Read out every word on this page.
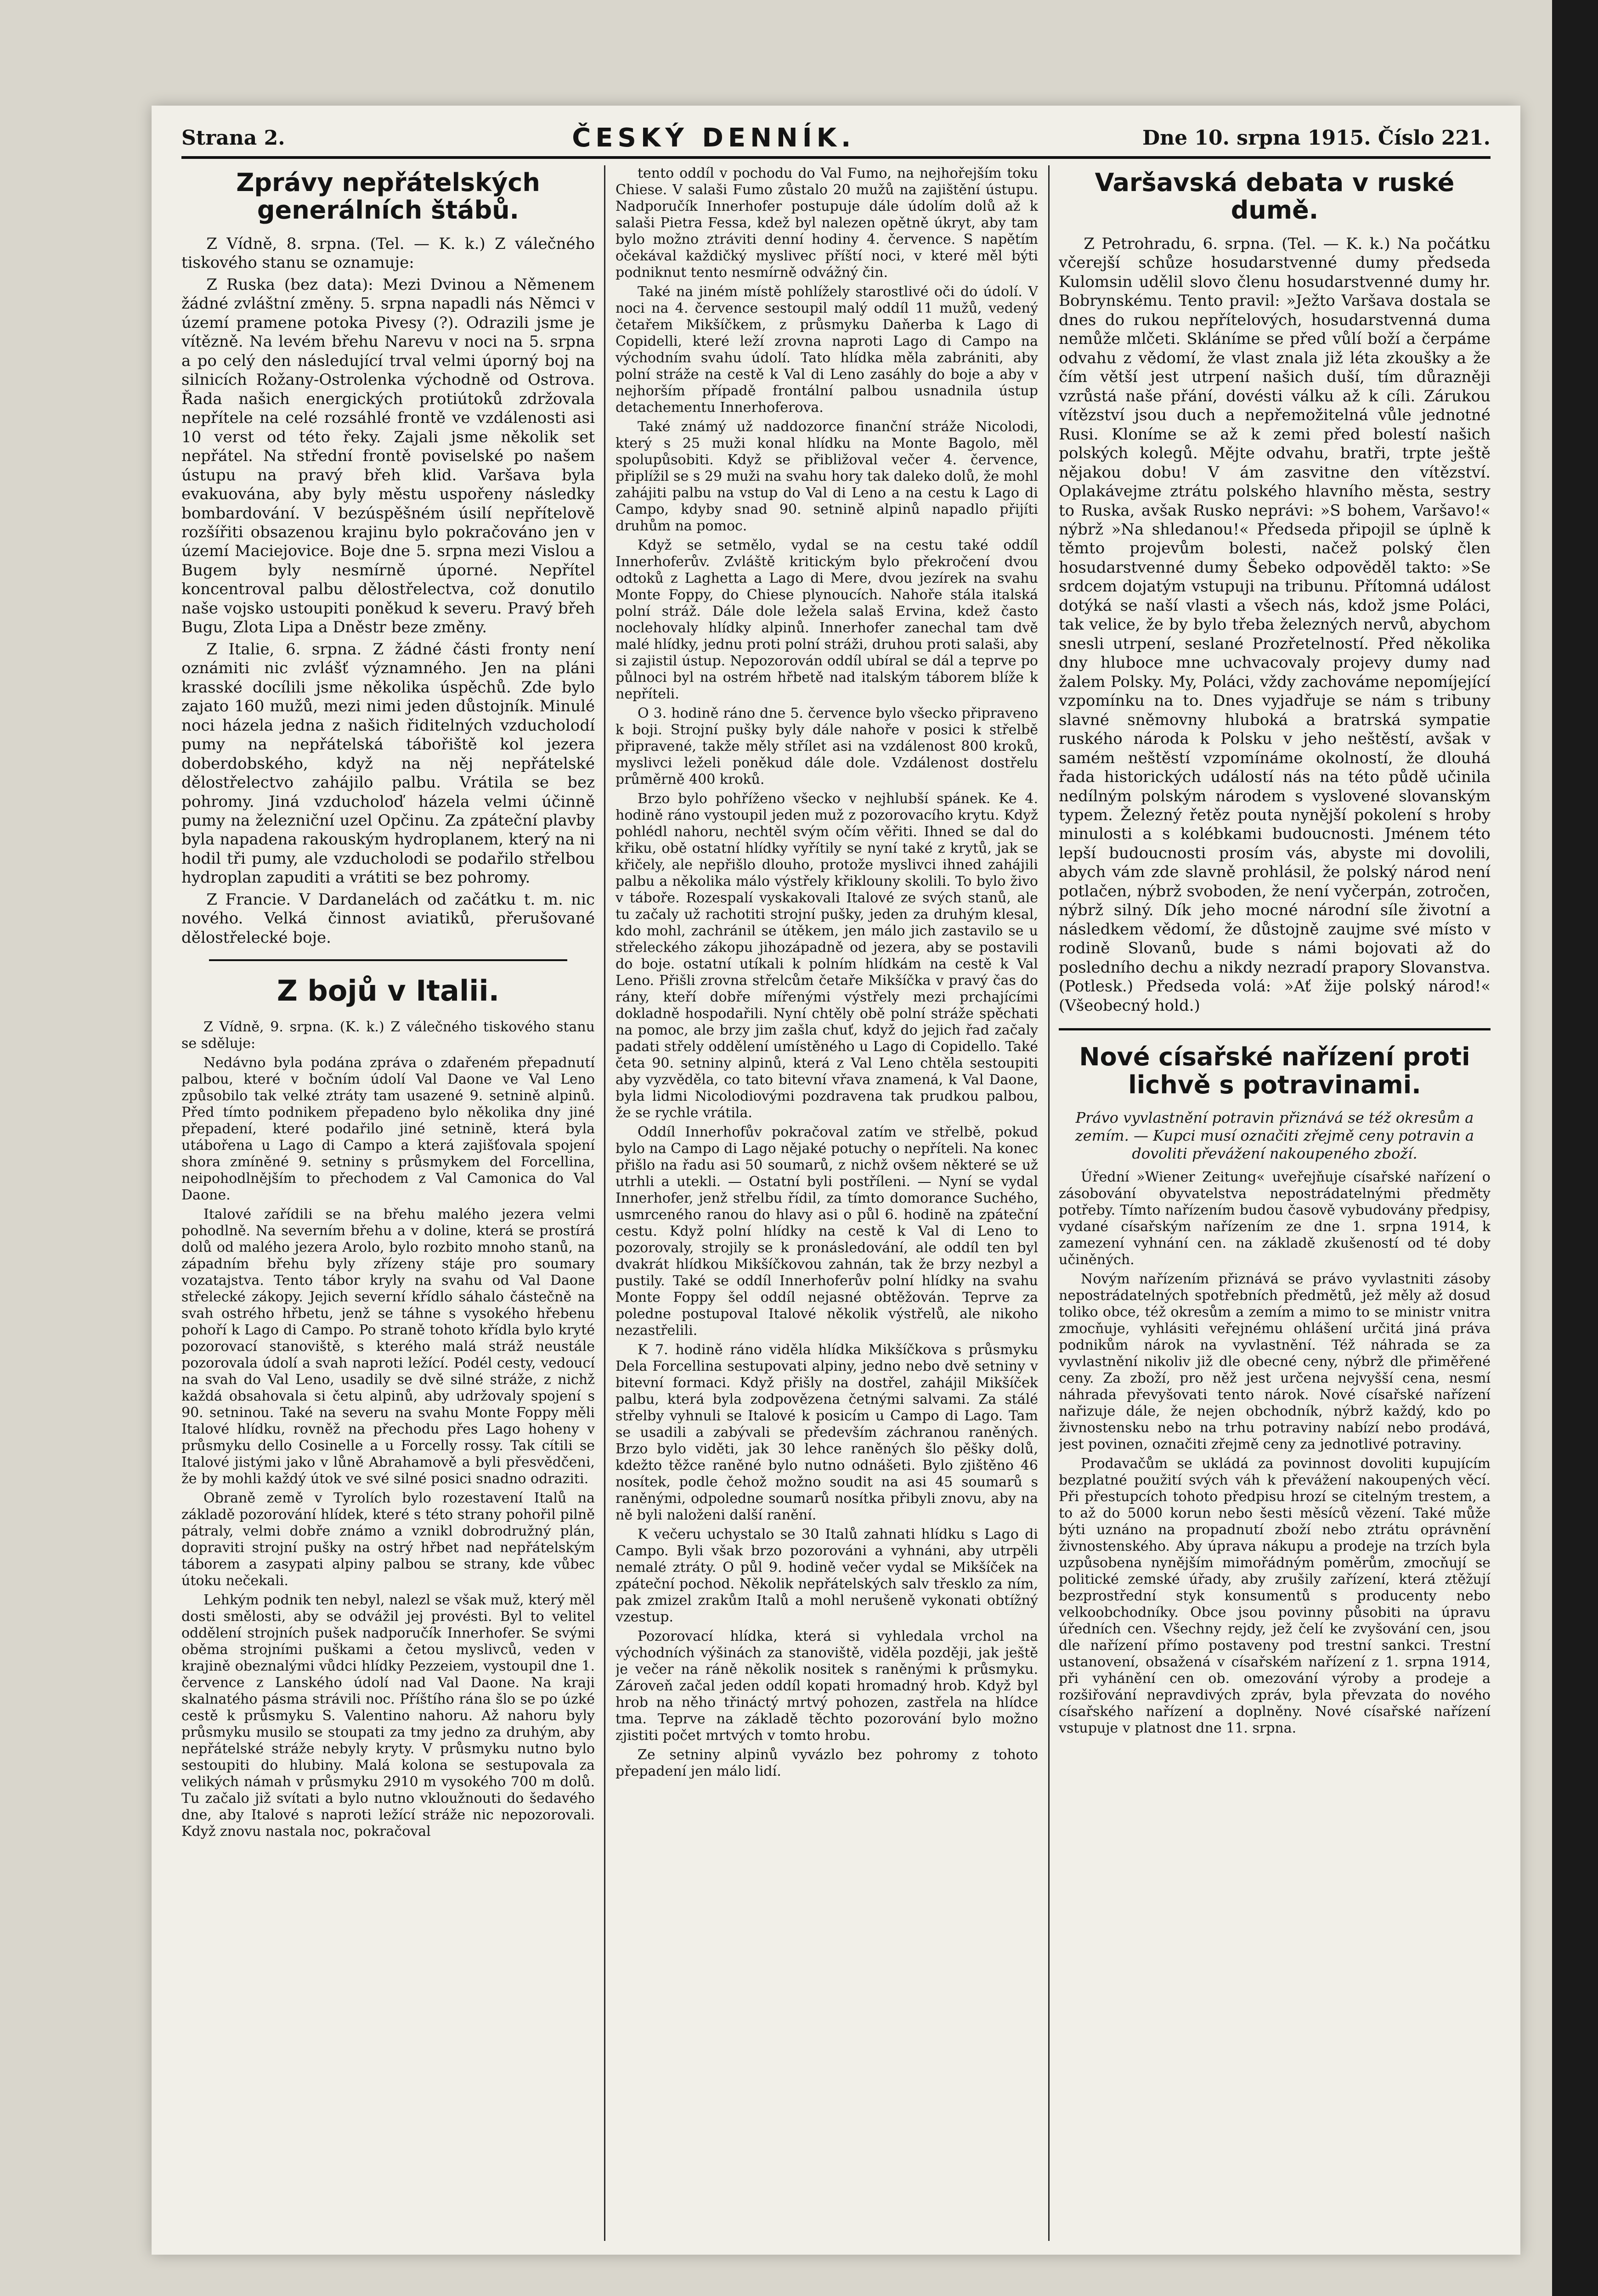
Strana 2.	ČESKÝ DENNÍK.	Dne 10. srpna 1915. Číslo 221.
Zprávy nepřátelských generálních štábů.

Z Vídně, 8. srpna. (Tel. — K. k.) Z válečného tiskového stanu se oznamuje:

Z Ruska (bez data): Mezi Dvinou a Němenem žádné zvláštní změny. 5. srpna napadli nás Němci v území pramene potoka Pivesy (?). Odrazili jsme je vítězně. Na levém břehu Narevu v noci na 5. srpna a po celý den následující trval velmi úporný boj na silnicích Rožany-Ostrolenka východně od Ostrova. Řada našich energických protiútoků zdržovala nepřítele na celé rozsáhlé frontě ve vzdálenosti asi 10 verst od této řeky. Zajali jsme několik set nepřátel. Na střední frontě poviselské po našem ústupu na pravý břeh klid. Varšava byla evakuována, aby byly městu uspořeny následky bombardování. V bezúspěšném úsilí nepřítelově rozšířiti obsazenou krajinu bylo pokračováno jen v území Maciejovice. Boje dne 5. srpna mezi Vislou a Bugem byly nesmírně úporné. Nepřítel koncentroval palbu dělostřelectva, což donutilo naše vojsko ustoupiti poněkud k severu. Pravý břeh Bugu, Zlota Lipa a Dněstr beze změny.

Z Italie, 6. srpna. Z žádné části fronty není oznámiti nic zvlášť významného. Jen na pláni krasské docílili jsme několika úspěchů. Zde bylo zajato 160 mužů, mezi nimi jeden důstojník. Minulé noci házela jedna z našich řiditelných vzducholodí pumy na nepřátelská tábořiště kol jezera doberdobského, když na něj nepřátelské dělostřelectvo zahájilo palbu. Vrátila se bez pohromy. Jiná vzducholoď házela velmi účinně pumy na železniční uzel Opčinu. Za zpáteční plavby byla napadena rakouským hydroplanem, který na ni hodil tři pumy, ale vzducholodi se podařilo střelbou hydroplan zapuditi a vrátiti se bez pohromy.

Z Francie. V Dardanelách od začátku t. m. nic nového. Velká činnost aviatiků, přerušované dělostřelecké boje.

Z bojů v Italii.

Z Vídně, 9. srpna. (K. k.) Z válečného tiskového stanu se sděluje:

Nedávno byla podána zpráva o zdařeném přepadnutí palbou, které v bočním údolí Val Daone ve Val Leno způsobilo tak velké ztráty tam usazené 9. setnině alpinů. Před tímto podnikem přepadeno bylo několika dny jiné přepadení, které podařilo jiné setnině, která byla utábořena u Lago di Campo a která zajišťovala spojení shora zmíněné 9. setniny s průsmykem del Forcellina, neipohodlnějším to přechodem z Val Camonica do Val Daone.

Italové zařídili se na břehu malého jezera velmi pohodlně. Na severním břehu a v doline, která se prostírá dolů od malého jezera Arolo, bylo rozbito mnoho stanů, na západním břehu byly zřízeny stáje pro soumary vozatajstva. Tento tábor kryly na svahu od Val Daone střelecké zákopy. Jejich severní křídlo sáhalo částečně na svah ostrého hřbetu, jenž se táhne s vysokého hřebenu pohoří k Lago di Campo. Po straně tohoto křídla bylo kryté pozorovací stanoviště, s kterého malá stráž neustále pozorovala údolí a svah naproti ležící. Podél cesty, vedoucí na svah do Val Leno, usadily se dvě silné stráže, z nichž každá obsahovala si četu alpinů, aby udržovaly spojení s 90. setninou. Také na severu na svahu Monte Foppy měli Italové hlídku, rovněž na přechodu přes Lago hoheny v průsmyku dello Cosinelle a u Forcelly rossy. Tak cítili se Italové jistými jako v lůně Abrahamově a byli přesvědčeni, že by mohli každý útok ve své silné posici snadno odraziti.

Obraně země v Tyrolích bylo rozestavení Italů na základě pozorování hlídek, které s této strany pohořil pilně pátraly, velmi dobře známo a vznikl dobrodružný plán, dopraviti strojní pušky na ostrý hřbet nad nepřátelským táborem a zasypati alpiny palbou se strany, kde vůbec útoku nečekali.

Lehkým podnik ten nebyl, nalezl se však muž, který měl dosti smělosti, aby se odvážil jej provésti. Byl to velitel oddělení strojních pušek nadporučík Innerhofer. Se svými oběma strojními puškami a četou myslivců, veden v krajině obeznalými vůdci hlídky Pezzeiem, vystoupil dne 1. července z Lanského údolí nad Val Daone. Na kraji skalnatého pásma strávili noc. Příštího rána šlo se po úzké cestě k průsmyku S. Valentino nahoru. Až nahoru byly průsmyku musilo se stoupati za tmy jedno za druhým, aby nepřátelské stráže nebyly kryty. V průsmyku nutno bylo sestoupiti do hlubiny. Malá kolona se sestupovala za velikých námah v průsmyku 2910 m vysokého 700 m dolů. Tu začalo již svítati a bylo nutno vkloužnouti do šedavého dne, aby Italové s naproti ležící stráže nic nepozorovali. Když znovu nastala noc, pokračoval

tento oddíl v pochodu do Val Fumo, na nejhořejším toku Chiese. V salaši Fumo zůstalo 20 mužů na zajištění ústupu. Nadporučík Innerhofer postupuje dále údolím dolů až k salaši Pietra Fessa, kdež byl nalezen opětně úkryt, aby tam bylo možno ztráviti denní hodiny 4. července. S napětím očekával každičký myslivec příští noci, v které měl býti podniknut tento nesmírně odvážný čin.

Také na jiném místě pohlížely starostlivé oči do údolí. V noci na 4. července sestoupil malý oddíl 11 mužů, vedený četařem Mikšíčkem, z průsmyku Daňerba k Lago di Copidelli, které leží zrovna naproti Lago di Campo na východním svahu údolí. Tato hlídka měla zabrániti, aby polní stráže na cestě k Val di Leno zasáhly do boje a aby v nejhorším případě frontální palbou usnadnila ústup detachementu Innerhoferova.

Také známý už naddozorce finanční stráže Nicolodi, který s 25 muži konal hlídku na Monte Bagolo, měl spolupůsobiti. Když se přibližoval večer 4. července, připlížil se s 29 muži na svahu hory tak daleko dolů, že mohl zahájiti palbu na vstup do Val di Leno a na cestu k Lago di Campo, kdyby snad 90. setnině alpinů napadlo přijíti druhům na pomoc.

Když se setmělo, vydal se na cestu také oddíl Innerhoferův. Zvláště kritickým bylo překročení dvou odtoků z Laghetta a Lago di Mere, dvou jezírek na svahu Monte Foppy, do Chiese plynoucích. Nahoře stála italská polní stráž. Dále dole ležela salaš Ervina, kdež často noclehovaly hlídky alpinů. Innerhofer zanechal tam dvě malé hlídky, jednu proti polní stráži, druhou proti salaši, aby si zajistil ústup. Nepozorován oddíl ubíral se dál a teprve po půlnoci byl na ostrém hřbetě nad italským táborem blíže k nepříteli.

O 3. hodině ráno dne 5. července bylo všecko připraveno k boji. Strojní pušky byly dále nahoře v posici k střelbě připravené, takže měly střílet asi na vzdálenost 800 kroků, myslivci leželi poněkud dále dole. Vzdálenost dostřelu průměrně 400 kroků.

Brzo bylo pohříženo všecko v nejhlubší spánek. Ke 4. hodině ráno vystoupil jeden muž z pozorovacího krytu. Když pohlédl nahoru, nechtěl svým očím věřiti. Ihned se dal do křiku, obě ostatní hlídky vyřítily se nyní také z krytů, jak se křičely, ale nepřišlo dlouho, protože myslivci ihned zahájili palbu a několika málo výstřely křiklouny skolili. To bylo živo v táboře. Rozespalí vyskakovali Italové ze svých stanů, ale tu začaly už rachotiti strojní pušky, jeden za druhým klesal, kdo mohl, zachránil se útěkem, jen málo jich zastavilo se u střeleckého zákopu jihozápadně od jezera, aby se postavili do boje. ostatní utíkali k polním hlídkám na cestě k Val Leno. Přišli zrovna střelcům četaře Mikšíčka v pravý čas do rány, kteří dobře mířenými výstřely mezi prchajícími dokladně hospodařili. Nyní chtěly obě polní stráže spěchati na pomoc, ale brzy jim zašla chuť, když do jejich řad začaly padati střely oddělení umístěného u Lago di Copidello. Také četa 90. setniny alpinů, která z Val Leno chtěla sestoupiti aby vyzvěděla, co tato bitevní vřava znamená, k Val Daone, byla lidmi Nicolodiovými pozdravena tak prudkou palbou, že se rychle vrátila.

Oddíl Innerhofův pokračoval zatím ve střelbě, pokud bylo na Campo di Lago nějaké potuchy o nepříteli. Na konec přišlo na řadu asi 50 soumarů, z nichž ovšem některé se už utrhli a utekli. — Ostatní byli postříleni. — Nyní se vydal Innerhofer, jenž střelbu řídil, za tímto domorance Suchého, usmrceného ranou do hlavy asi o půl 6. hodině na zpáteční cestu. Když polní hlídky na cestě k Val di Leno to pozorovaly, strojily se k pronásledování, ale oddíl ten byl dvakrát hlídkou Mikšíčkovou zahnán, tak že brzy nezbyl a pustily. Také se oddíl Innerhoferův polní hlídky na svahu Monte Foppy šel oddíl nejasné obtěžován. Teprve za poledne postupoval Italové několik výstřelů, ale nikoho nezastřelili.

K 7. hodině ráno viděla hlídka Mikšíčkova s průsmyku Dela Forcellina sestupovati alpiny, jedno nebo dvě setniny v bitevní formaci. Když přišly na dostřel, zahájil Mikšíček palbu, která byla zodpovězena četnými salvami. Za stálé střelby vyhnuli se Italové k posicím u Campo di Lago. Tam se usadili a zabývali se především záchranou raněných. Brzo bylo viděti, jak 30 lehce raněných šlo pěšky dolů, kdežto těžce raněné bylo nutno odnášeti. Bylo zjištěno 46 nosítek, podle čehož možno soudit na asi 45 soumarů s raněnými, odpoledne soumarů nosítka přibyli znovu, aby na ně byli naloženi další ranění.

K večeru uchystalo se 30 Italů zahnati hlídku s Lago di Campo. Byli však brzo pozorováni a vyhnáni, aby utrpěli nemalé ztráty. O půl 9. hodině večer vydal se Mikšíček na zpáteční pochod. Několik nepřátelských salv třesklo za ním, pak zmizel zrakům Italů a mohl nerušeně vykonati obtížný vzestup.

Pozorovací hlídka, která si vyhledala vrchol na východních výšinách za stanoviště, viděla později, jak ještě je večer na ráně několik nositek s raněnými k průsmyku. Zároveň začal jeden oddíl kopati hromadný hrob. Když byl hrob na něho třináctý mrtvý pohozen, zastřela na hlídce tma. Teprve na základě těchto pozorování bylo možno zjistiti počet mrtvých v tomto hrobu.

Ze setniny alpinů vyvázlo bez pohromy z tohoto přepadení jen málo lidí.

Varšavská debata v ruské dumě.

Z Petrohradu, 6. srpna. (Tel. — K. k.) Na počátku včerejší schůze hosudarstvenné dumy předseda Kulomsin udělil slovo členu hosudarstvenné dumy hr. Bobrynskému. Tento pravil: »Ježto Varšava dostala se dnes do rukou nepřítelových, hosudarstvenná duma nemůže mlčeti. Skláníme se před vůlí boží a čerpáme odvahu z vědomí, že vlast znala již léta zkoušky a že čím větší jest utrpení našich duší, tím důrazněji vzrůstá naše přání, dovésti válku až k cíli. Zárukou vítězství jsou duch a nepřemožitelná vůle jednotné Rusi. Kloníme se až k zemi před bolestí našich polských kolegů. Mějte odvahu, bratři, trpte ještě nějakou dobu! V ám zasvitne den vítězství. Oplakávejme ztrátu polského hlavního města, sestry to Ruska, avšak Rusko neprávi: »S bohem, Varšavo!« nýbrž »Na shledanou!« Předseda připojil se úplně k těmto projevům bolesti, načež polský člen hosudarstvenné dumy Šebeko odpověděl takto: »Se srdcem dojatým vstupuji na tribunu. Přítomná událost dotýká se naší vlasti a všech nás, kdož jsme Poláci, tak velice, že by bylo třeba železných nervů, abychom snesli utrpení, seslané Prozřetelností. Před několika dny hluboce mne uchvacovaly projevy dumy nad žalem Polsky. My, Poláci, vždy zachováme nepomíjející vzpomínku na to. Dnes vyjadřuje se nám s tribuny slavné sněmovny hluboká a bratrská sympatie ruského národa k Polsku v jeho neštěstí, avšak v samém neštěstí vzpomínáme okolností, že dlouhá řada historických událostí nás na této půdě učinila nedílným polským národem s vyslovené slovanským typem. Železný řetěz pouta nynější pokolení s hroby minulosti a s kolébkami budoucnosti. Jménem této lepší budoucnosti prosím vás, abyste mi dovolili, abych vám zde slavně prohlásil, že polský národ není potlačen, nýbrž svoboden, že není vyčerpán, zotročen, nýbrž silný. Dík jeho mocné národní síle životní a následkem vědomí, že důstojně zaujme své místo v rodině Slovanů, bude s námi bojovati až do posledního dechu a nikdy nezradí prapory Slovanstva. (Potlesk.) Předseda volá: »Ať žije polský národ!« (Všeobecný hold.)

Nové císařské nařízení proti lichvě s potravinami.
Právo vyvlastnění potravin přiznává se též okresům a zemím. — Kupci musí označiti zřejmě ceny potravin a dovoliti převážení nakoupeného zboží.

Úřední »Wiener Zeitung« uveřejňuje císařské nařízení o zásobování obyvatelstva nepostrádatelnými předměty potřeby. Tímto nařízením budou časově vybudovány předpisy, vydané císařským nařízením ze dne 1. srpna 1914, k zamezení vyhnání cen. na základě zkušeností od té doby učiněných.

Novým nařízením přiznává se právo vyvlastniti zásoby nepostrádatelných spotřebních předmětů, jež měly až dosud toliko obce, též okresům a zemím a mimo to se ministr vnitra zmocňuje, vyhlásiti veřejnému ohlášení určitá jiná práva podnikům nárok na vyvlastnění. Též náhrada se za vyvlastnění nikoliv již dle obecné ceny, nýbrž dle přiměřené ceny. Za zboží, pro něž jest určena nejvyšší cena, nesmí náhrada převyšovati tento nárok. Nové císařské nařízení nařizuje dále, že nejen obchodník, nýbrž každý, kdo po živnostensku nebo na trhu potraviny nabízí nebo prodává, jest povinen, označiti zřejmě ceny za jednotlivé potraviny.

Prodavačům se ukládá za povinnost dovoliti kupujícím bezplatné použití svých váh k převážení nakoupených věcí. Při přestupcích tohoto předpisu hrozí se citelným trestem, a to až do 5000 korun nebo šesti měsíců vězení. Také může býti uznáno na propadnutí zboží nebo ztrátu oprávnění živnostenského. Aby úprava nákupu a prodeje na trzích byla uzpůsobena nynějším mimořádným poměrům, zmocňují se politické zemské úřady, aby zrušily zařízení, která ztěžují bezprostřední styk konsumentů s producenty nebo velkoobchodníky. Obce jsou povinny působiti na úpravu úředních cen. Všechny rejdy, jež čelí ke zvyšování cen, jsou dle nařízení přímo postaveny pod trestní sankci. Trestní ustanovení, obsažená v císařském nařízení z 1. srpna 1914, při vyhánění cen ob. omezování výroby a prodeje a rozšiřování nepravdivých zpráv, byla převzata do nového císařského nařízení a doplněny. Nové císařské nařízení vstupuje v platnost dne 11. srpna.
